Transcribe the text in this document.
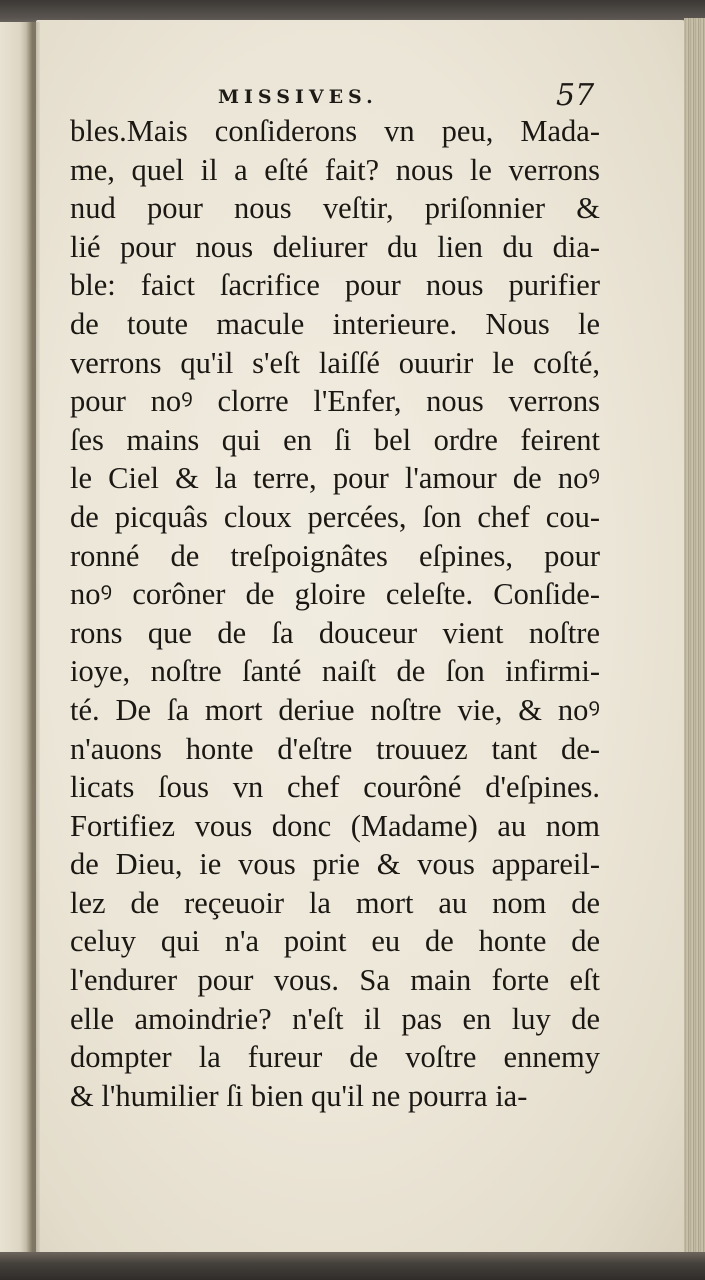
MISSIVES.	57
bles.Mais conſiderons vn peu, Mada-
me, quel il a eſté fait? nous le verrons
nud pour nous veſtir, priſonnier &
lié pour nous deliurer du lien du dia-
ble: faict ſacrifice pour nous purifier
de toute macule interieure. Nous le
verrons qu'il s'eſt laiſſé ouurir le coſté,
pour noꝰ clorre l'Enfer, nous verrons
ſes mains qui en ſi bel ordre feirent
le Ciel & la terre, pour l'amour de noꝰ
de picquâs cloux percées, ſon chef cou-
ronné de treſpoignâtes eſpines, pour
noꝰ corôner de gloire celeſte. Conſide-
rons que de ſa douceur vient noſtre
ioye, noſtre ſanté naiſt de ſon infirmi-
té. De ſa mort deriue noſtre vie, & noꝰ
n'auons honte d'eſtre trouuez tant de-
licats ſous vn chef courôné d'eſpines.
Fortifiez vous donc (Madame) au nom
de Dieu, ie vous prie & vous appareil-
lez de reçeuoir la mort au nom de
celuy qui n'a point eu de honte de
l'endurer pour vous. Sa main forte eſt
elle amoindrie? n'eſt il pas en luy de
dompter la fureur de voſtre ennemy
& l'humilier ſi bien qu'il ne pourra ia-
